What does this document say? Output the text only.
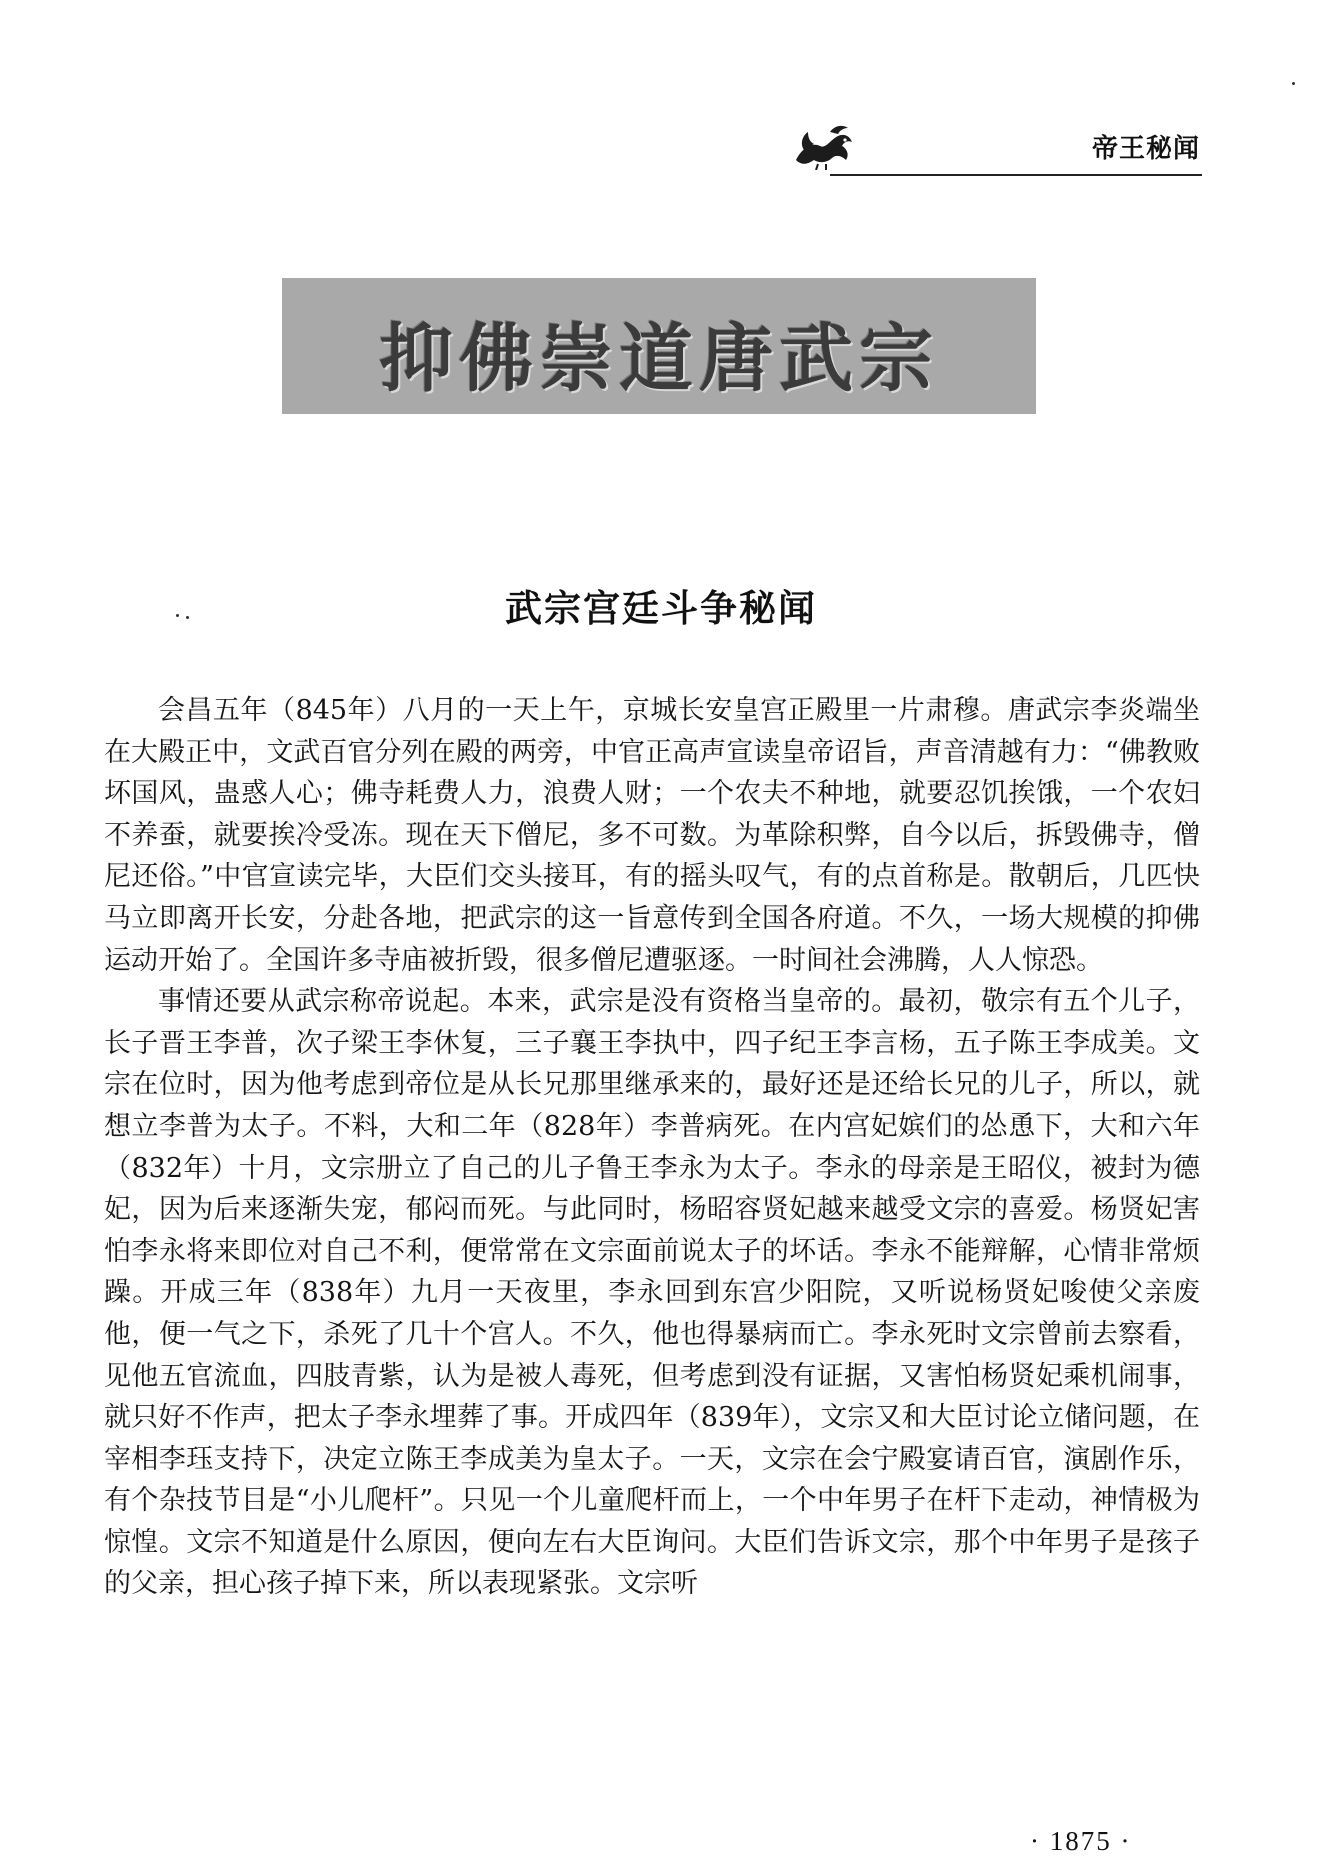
帝王秘闻
抑佛崇道唐武宗
武宗宫廷斗争秘闻

会昌五年（845年）八月的一天上午，京城长安皇宫正殿里一片肃穆。唐武宗李炎端坐在大殿正中，文武百官分列在殿的两旁，中官正高声宣读皇帝诏旨，声音清越有力：“佛教败坏国风，蛊惑人心；佛寺耗费人力，浪费人财；一个农夫不种地，就要忍饥挨饿，一个农妇不养蚕，就要挨冷受冻。现在天下僧尼，多不可数。为革除积弊，自今以后，拆毁佛寺，僧尼还俗。”中官宣读完毕，大臣们交头接耳，有的摇头叹气，有的点首称是。散朝后，几匹快马立即离开长安，分赴各地，把武宗的这一旨意传到全国各府道。不久，一场大规模的抑佛运动开始了。全国许多寺庙被折毁，很多僧尼遭驱逐。一时间社会沸腾，人人惊恐。

事情还要从武宗称帝说起。本来，武宗是没有资格当皇帝的。最初，敬宗有五个儿子，长子晋王李普，次子梁王李休复，三子襄王李执中，四子纪王李言杨，五子陈王李成美。文宗在位时，因为他考虑到帝位是从长兄那里继承来的，最好还是还给长兄的儿子，所以，就想立李普为太子。不料，大和二年（828年）李普病死。在内宫妃嫔们的怂恿下，大和六年（832年）十月，文宗册立了自己的儿子鲁王李永为太子。李永的母亲是王昭仪，被封为德妃，因为后来逐渐失宠，郁闷而死。与此同时，杨昭容贤妃越来越受文宗的喜爱。杨贤妃害怕李永将来即位对自己不利，便常常在文宗面前说太子的坏话。李永不能辩解，心情非常烦躁。开成三年（838年）九月一天夜里，李永回到东宫少阳院，又听说杨贤妃唆使父亲废他，便一气之下，杀死了几十个宫人。不久，他也得暴病而亡。李永死时文宗曾前去察看，见他五官流血，四肢青紫，认为是被人毒死，但考虑到没有证据，又害怕杨贤妃乘机闹事，就只好不作声，把太子李永埋葬了事。开成四年（839年），文宗又和大臣讨论立储问题，在宰相李珏支持下，决定立陈王李成美为皇太子。一天，文宗在会宁殿宴请百官，演剧作乐，有个杂技节目是“小儿爬杆”。只见一个儿童爬杆而上，一个中年男子在杆下走动，神情极为惊惶。文宗不知道是什么原因，便向左右大臣询问。大臣们告诉文宗，那个中年男子是孩子的父亲，担心孩子掉下来，所以表现紧张。文宗听

· 1875 ·
